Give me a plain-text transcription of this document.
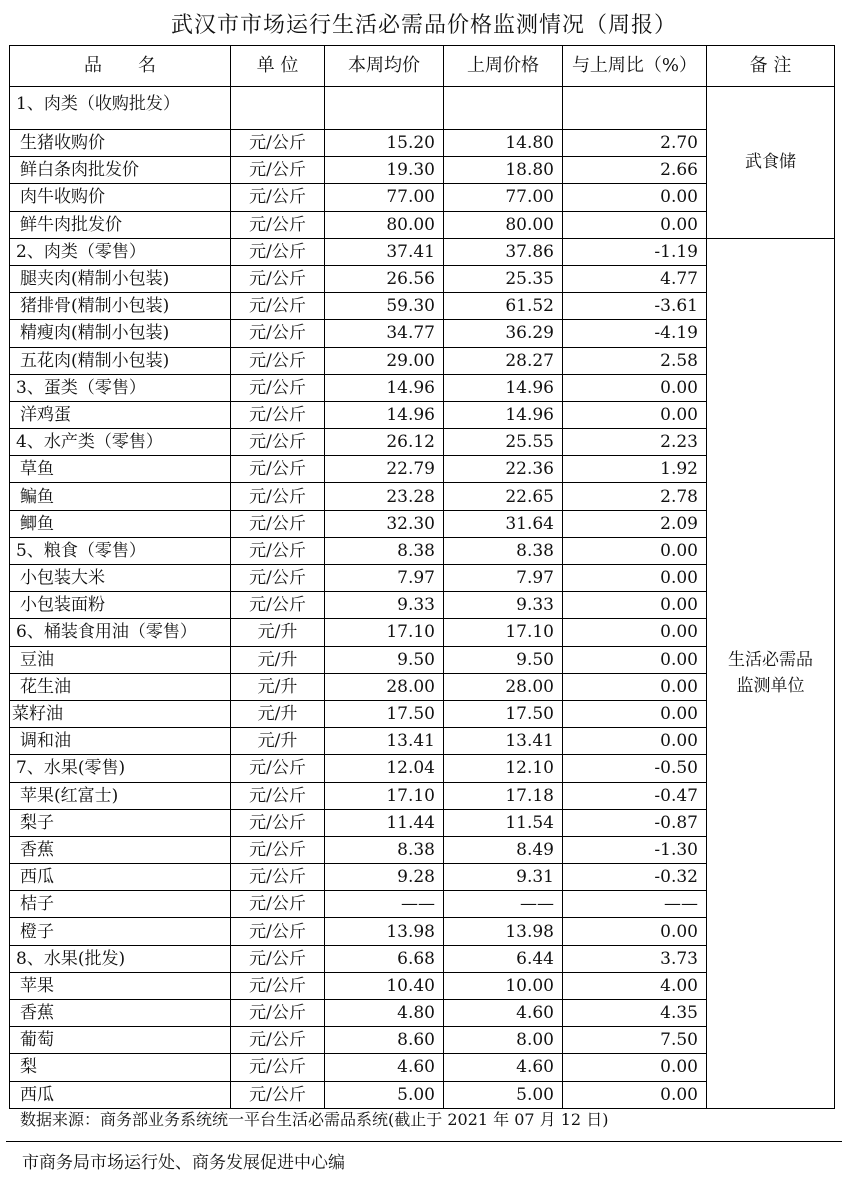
武汉市市场运行生活必需品价格监测情况（周报）
品　　名	单 位	本周均价	上周价格	与上周比（%）	备 注
1、肉类（收购批发）					武食储
生猪收购价	元/公斤	15.20	14.80	2.70	
鲜白条肉批发价	元/公斤	19.30	18.80	2.66	
肉牛收购价	元/公斤	77.00	77.00	0.00	
鲜牛肉批发价	元/公斤	80.00	80.00	0.00	
2、肉类（零售）	元/公斤	37.41	37.86	-1.19	生活必需品
监测单位

腿夹肉(精制小包装)	元/公斤	26.56	25.35	4.77	
猪排骨(精制小包装)	元/公斤	59.30	61.52	-3.61	
精瘦肉(精制小包装)	元/公斤	34.77	36.29	-4.19	
五花肉(精制小包装)	元/公斤	29.00	28.27	2.58	
3、蛋类（零售）	元/公斤	14.96	14.96	0.00	
洋鸡蛋	元/公斤	14.96	14.96	0.00	
4、水产类（零售）	元/公斤	26.12	25.55	2.23	
草鱼	元/公斤	22.79	22.36	1.92	
鳊鱼	元/公斤	23.28	22.65	2.78	
鲫鱼	元/公斤	32.30	31.64	2.09	
5、粮食（零售）	元/公斤	8.38	8.38	0.00	
小包装大米	元/公斤	7.97	7.97	0.00	
小包装面粉	元/公斤	9.33	9.33	0.00	
6、桶装食用油（零售）	元/升	17.10	17.10	0.00	
豆油	元/升	9.50	9.50	0.00	
花生油	元/升	28.00	28.00	0.00	
菜籽油	元/升	17.50	17.50	0.00	
调和油	元/升	13.41	13.41	0.00	
7、水果(零售)	元/公斤	12.04	12.10	-0.50	
苹果(红富士)	元/公斤	17.10	17.18	-0.47	
梨子	元/公斤	11.44	11.54	-0.87	
香蕉	元/公斤	8.38	8.49	-1.30	
西瓜	元/公斤	9.28	9.31	-0.32	
桔子	元/公斤	——	——	——	
橙子	元/公斤	13.98	13.98	0.00	
8、水果(批发)	元/公斤	6.68	6.44	3.73	
苹果	元/公斤	10.40	10.00	4.00	
香蕉	元/公斤	4.80	4.60	4.35	
葡萄	元/公斤	8.60	8.00	7.50	
梨	元/公斤	4.60	4.60	0.00	
西瓜	元/公斤	5.00	5.00	0.00	
数据来源：商务部业务系统统一平台生活必需品系统(截止于 2021 年 07 月 12 日)
市商务局市场运行处、商务发展促进中心编
